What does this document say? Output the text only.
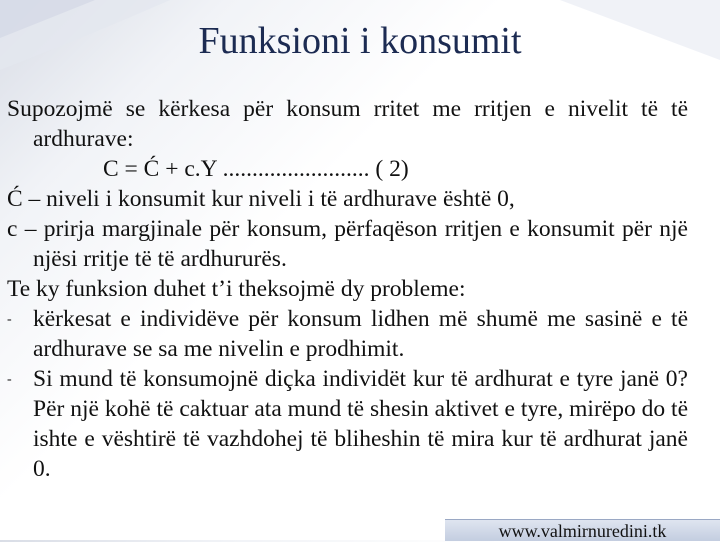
Funksioni i konsumit

Supozojmë se kërkesa për konsum rritet me rritjen e nivelit të të ardhurave:

C = Ć + c.Y ......................... ( 2)

Ć – niveli i konsumit kur niveli i të ardhurave është 0,

c – prirja margjinale për konsum, përfaqëson rritjen e konsumit për një njësi rritje të të ardhururës.

Te ky funksion duhet t’i theksojmë dy probleme:

- kërkesat e individëve për konsum lidhen më shumë me sasinë e të ardhurave se sa me nivelin e prodhimit.
- Si mund të konsumojnë diçka individët kur të ardhurat e tyre janë 0? Për një kohë të caktuar ata mund të shesin aktivet e tyre, mirëpo do të ishte e vështirë të vazhdohej të bliheshin të mira kur të ardhurat janë 0.
www.valmirnuredini.tk
